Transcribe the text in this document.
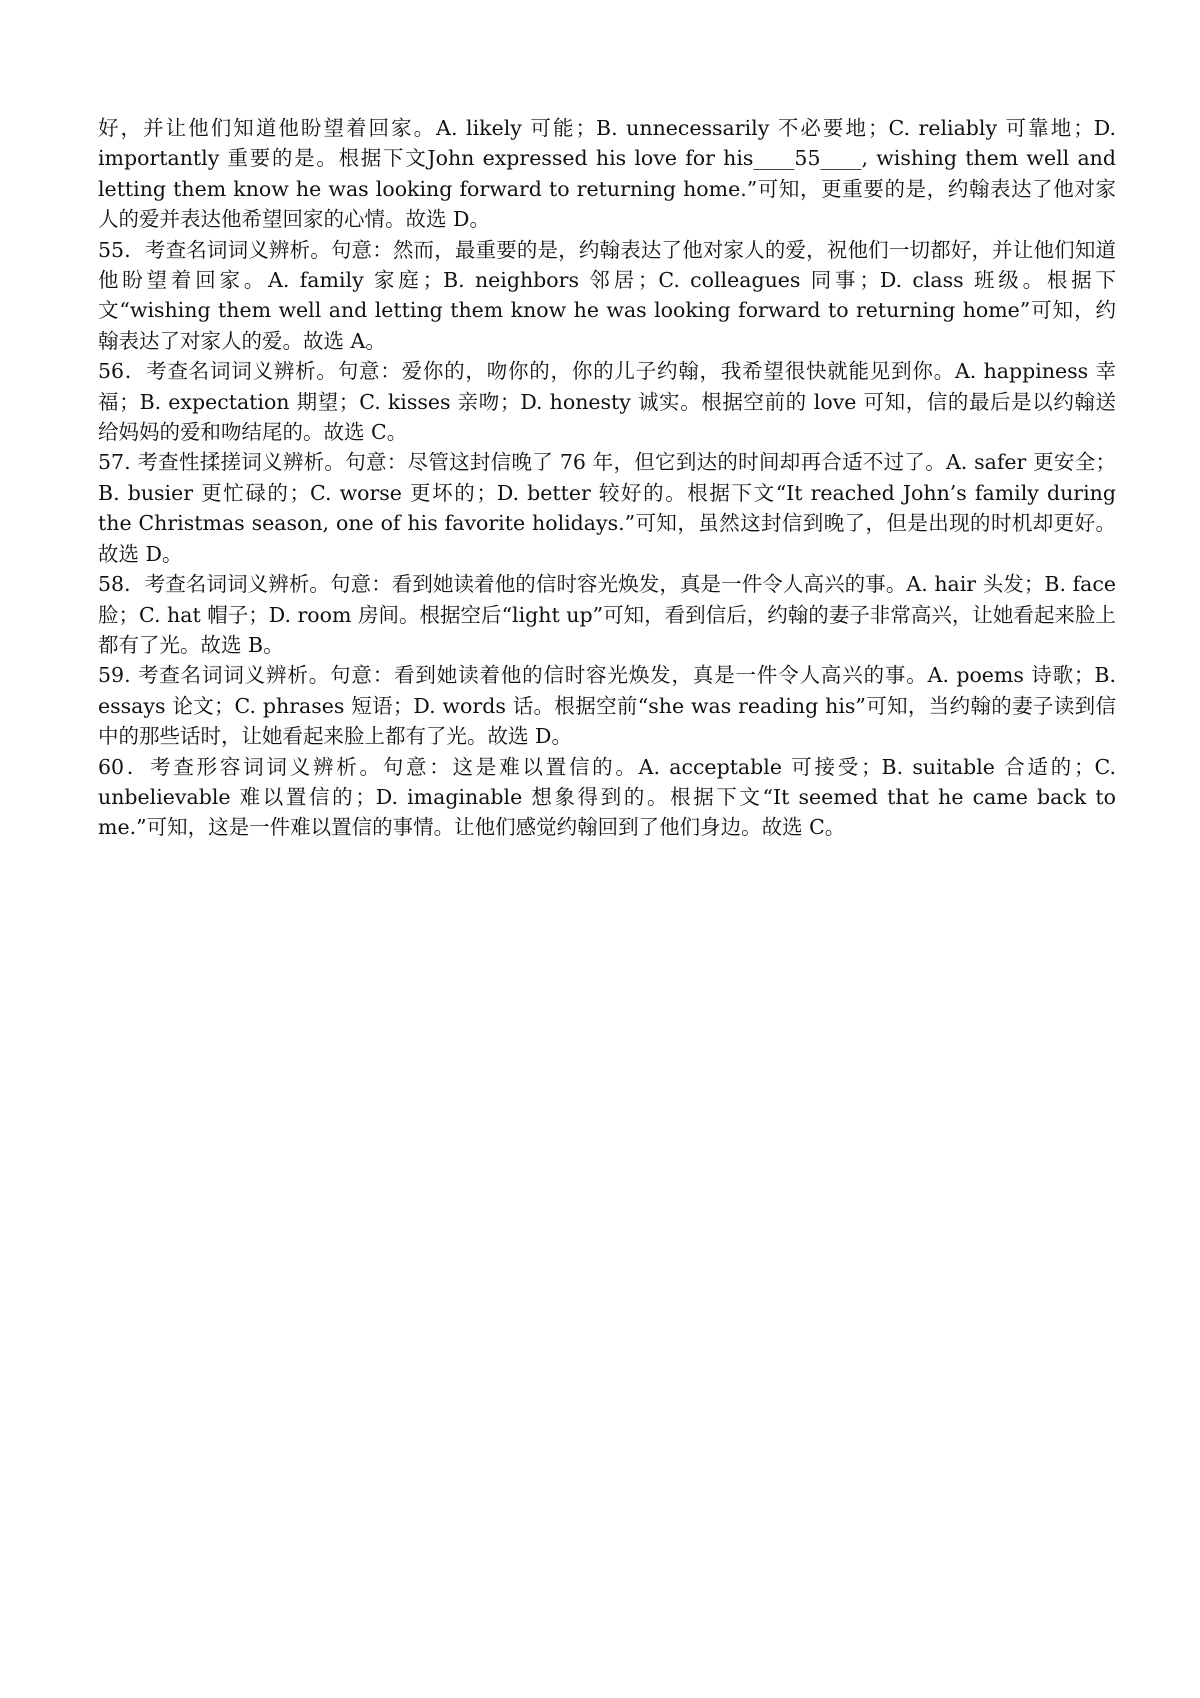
好，并让他们知道他盼望着回家。A. likely 可能；B. unnecessarily 不必要地；C. reliably 可靠地；D. importantly 重要的是。根据下文John expressed his love for his____55____, wishing them well and letting them know he was looking forward to returning home.”可知，更重要的是，约翰表达了他对家人的爱并表达他希望回家的心情。故选 D。

55．考查名词词义辨析。句意：然而，最重要的是，约翰表达了他对家人的爱，祝他们一切都好，并让他们知道他盼望着回家。A. family 家庭；B. neighbors 邻居；C. colleagues 同事；D. class 班级。根据下文“wishing them well and letting them know he was looking forward to returning home”可知，约翰表达了对家人的爱。故选 A。

56．考查名词词义辨析。句意：爱你的，吻你的，你的儿子约翰，我希望很快就能见到你。A. happiness 幸福；B. expectation 期望；C. kisses 亲吻；D. honesty 诚实。根据空前的 love 可知，信的最后是以约翰送给妈妈的爱和吻结尾的。故选 C。

57. 考查性揉搓词义辨析。句意：尽管这封信晚了 76 年，但它到达的时间却再合适不过了。A. safer 更安全；B. busier 更忙碌的；C. worse 更坏的；D. better 较好的。根据下文“It reached John’s family during the Christmas season, one of his favorite holidays.”可知，虽然这封信到晚了，但是出现的时机却更好。故选 D。

58．考查名词词义辨析。句意：看到她读着他的信时容光焕发，真是一件令人高兴的事。A. hair 头发；B. face 脸；C. hat 帽子；D. room 房间。根据空后“light up”可知，看到信后，约翰的妻子非常高兴，让她看起来脸上都有了光。故选 B。

59. 考查名词词义辨析。句意：看到她读着他的信时容光焕发，真是一件令人高兴的事。A. poems 诗歌；B. essays 论文；C. phrases 短语；D. words 话。根据空前“she was reading his”可知，当约翰的妻子读到信中的那些话时，让她看起来脸上都有了光。故选 D。

60．考查形容词词义辨析。句意：这是难以置信的。A. acceptable 可接受；B. suitable 合适的；C. unbelievable 难以置信的；D. imaginable 想象得到的。根据下文“It seemed that he came back to me.”可知，这是一件难以置信的事情。让他们感觉约翰回到了他们身边。故选 C。
